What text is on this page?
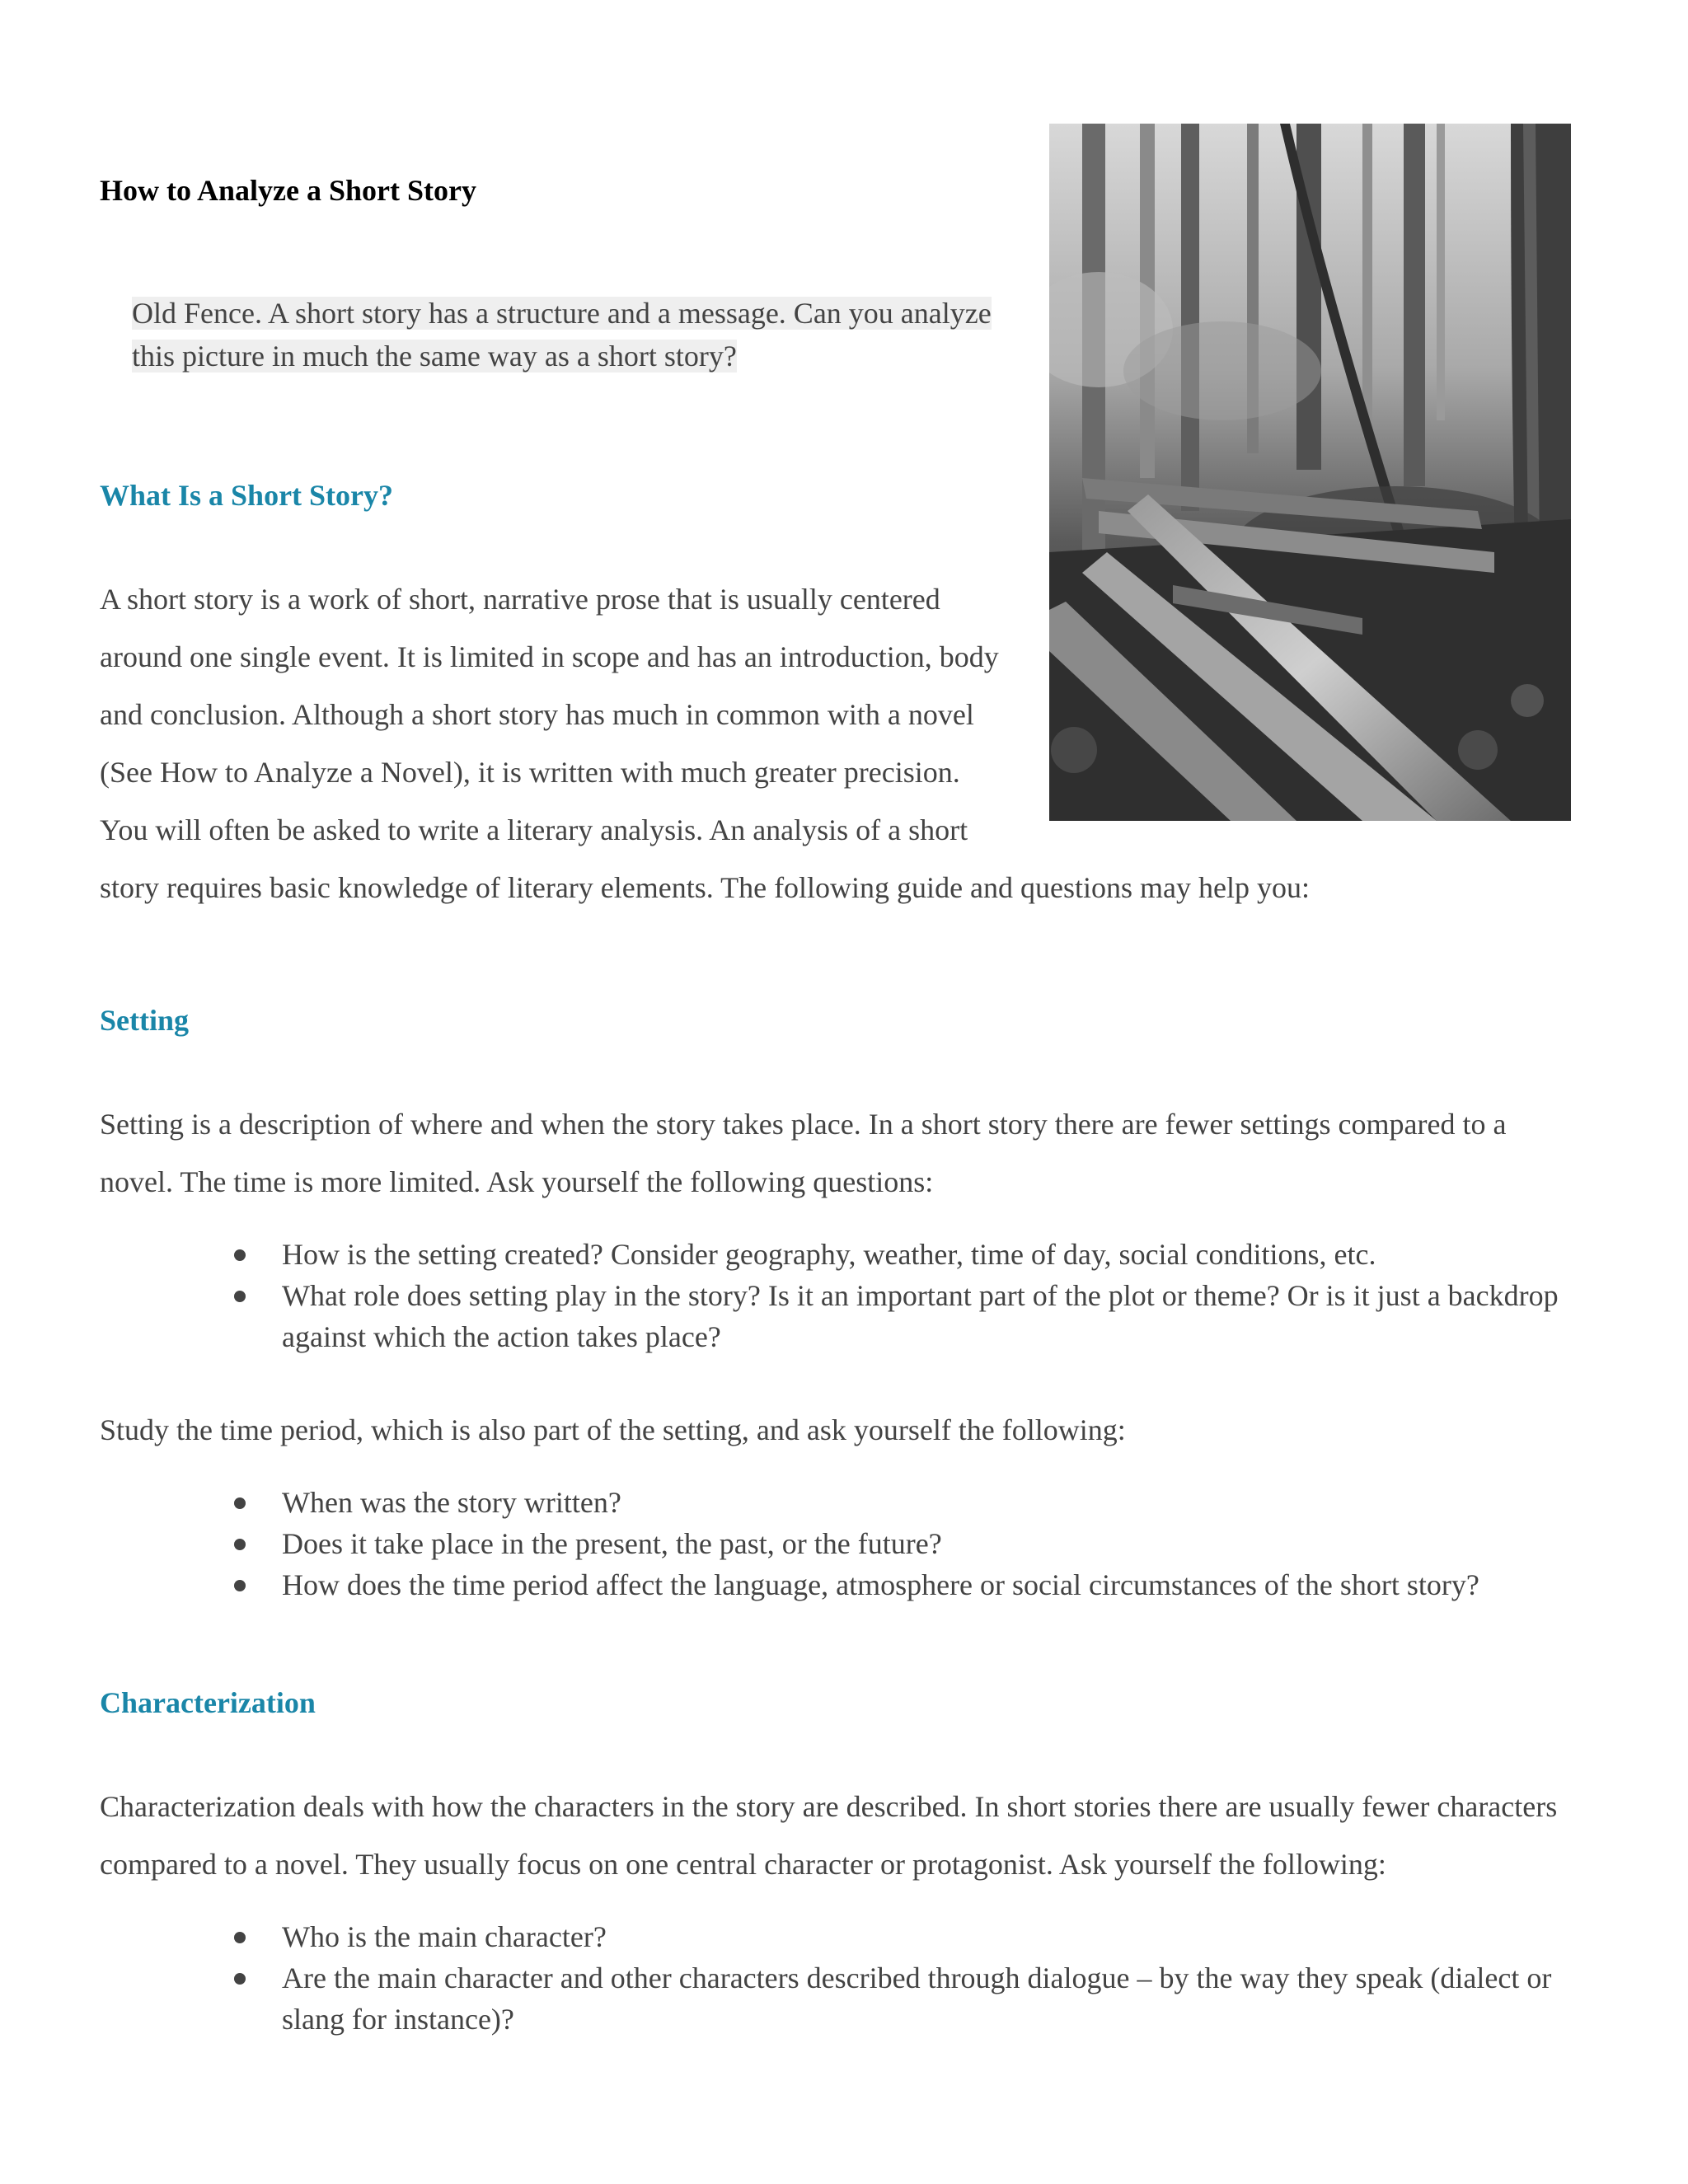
How to Analyze a Short Story

Old Fence. A short story has a structure and a message. Can you analyze this picture in much the same way as a short story?

What Is a Short Story?

A short story is a work of short, narrative prose that is usually centered
around one single event. It is limited in scope and has an introduction, body
and conclusion. Although a short story has much in common with a novel
(See How to Analyze a Novel), it is written with much greater precision.
You will often be asked to write a literary analysis. An analysis of a short
story requires basic knowledge of literary elements. The following guide and questions may help you:

Setting

Setting is a description of where and when the story takes place. In a short story there are fewer settings compared to a
novel. The time is more limited. Ask yourself the following questions:

How is the setting created? Consider geography, weather, time of day, social conditions, etc.
What role does setting play in the story? Is it an important part of the plot or theme? Or is it just a backdrop against which the action takes place?

Study the time period, which is also part of the setting, and ask yourself the following:

When was the story written?
Does it take place in the present, the past, or the future?
How does the time period affect the language, atmosphere or social circumstances of the short story?
Characterization

Characterization deals with how the characters in the story are described. In short stories there are usually fewer characters
compared to a novel. They usually focus on one central character or protagonist. Ask yourself the following:

Who is the main character?
Are the main character and other characters described through dialogue – by the way they speak (dialect or slang for instance)?
